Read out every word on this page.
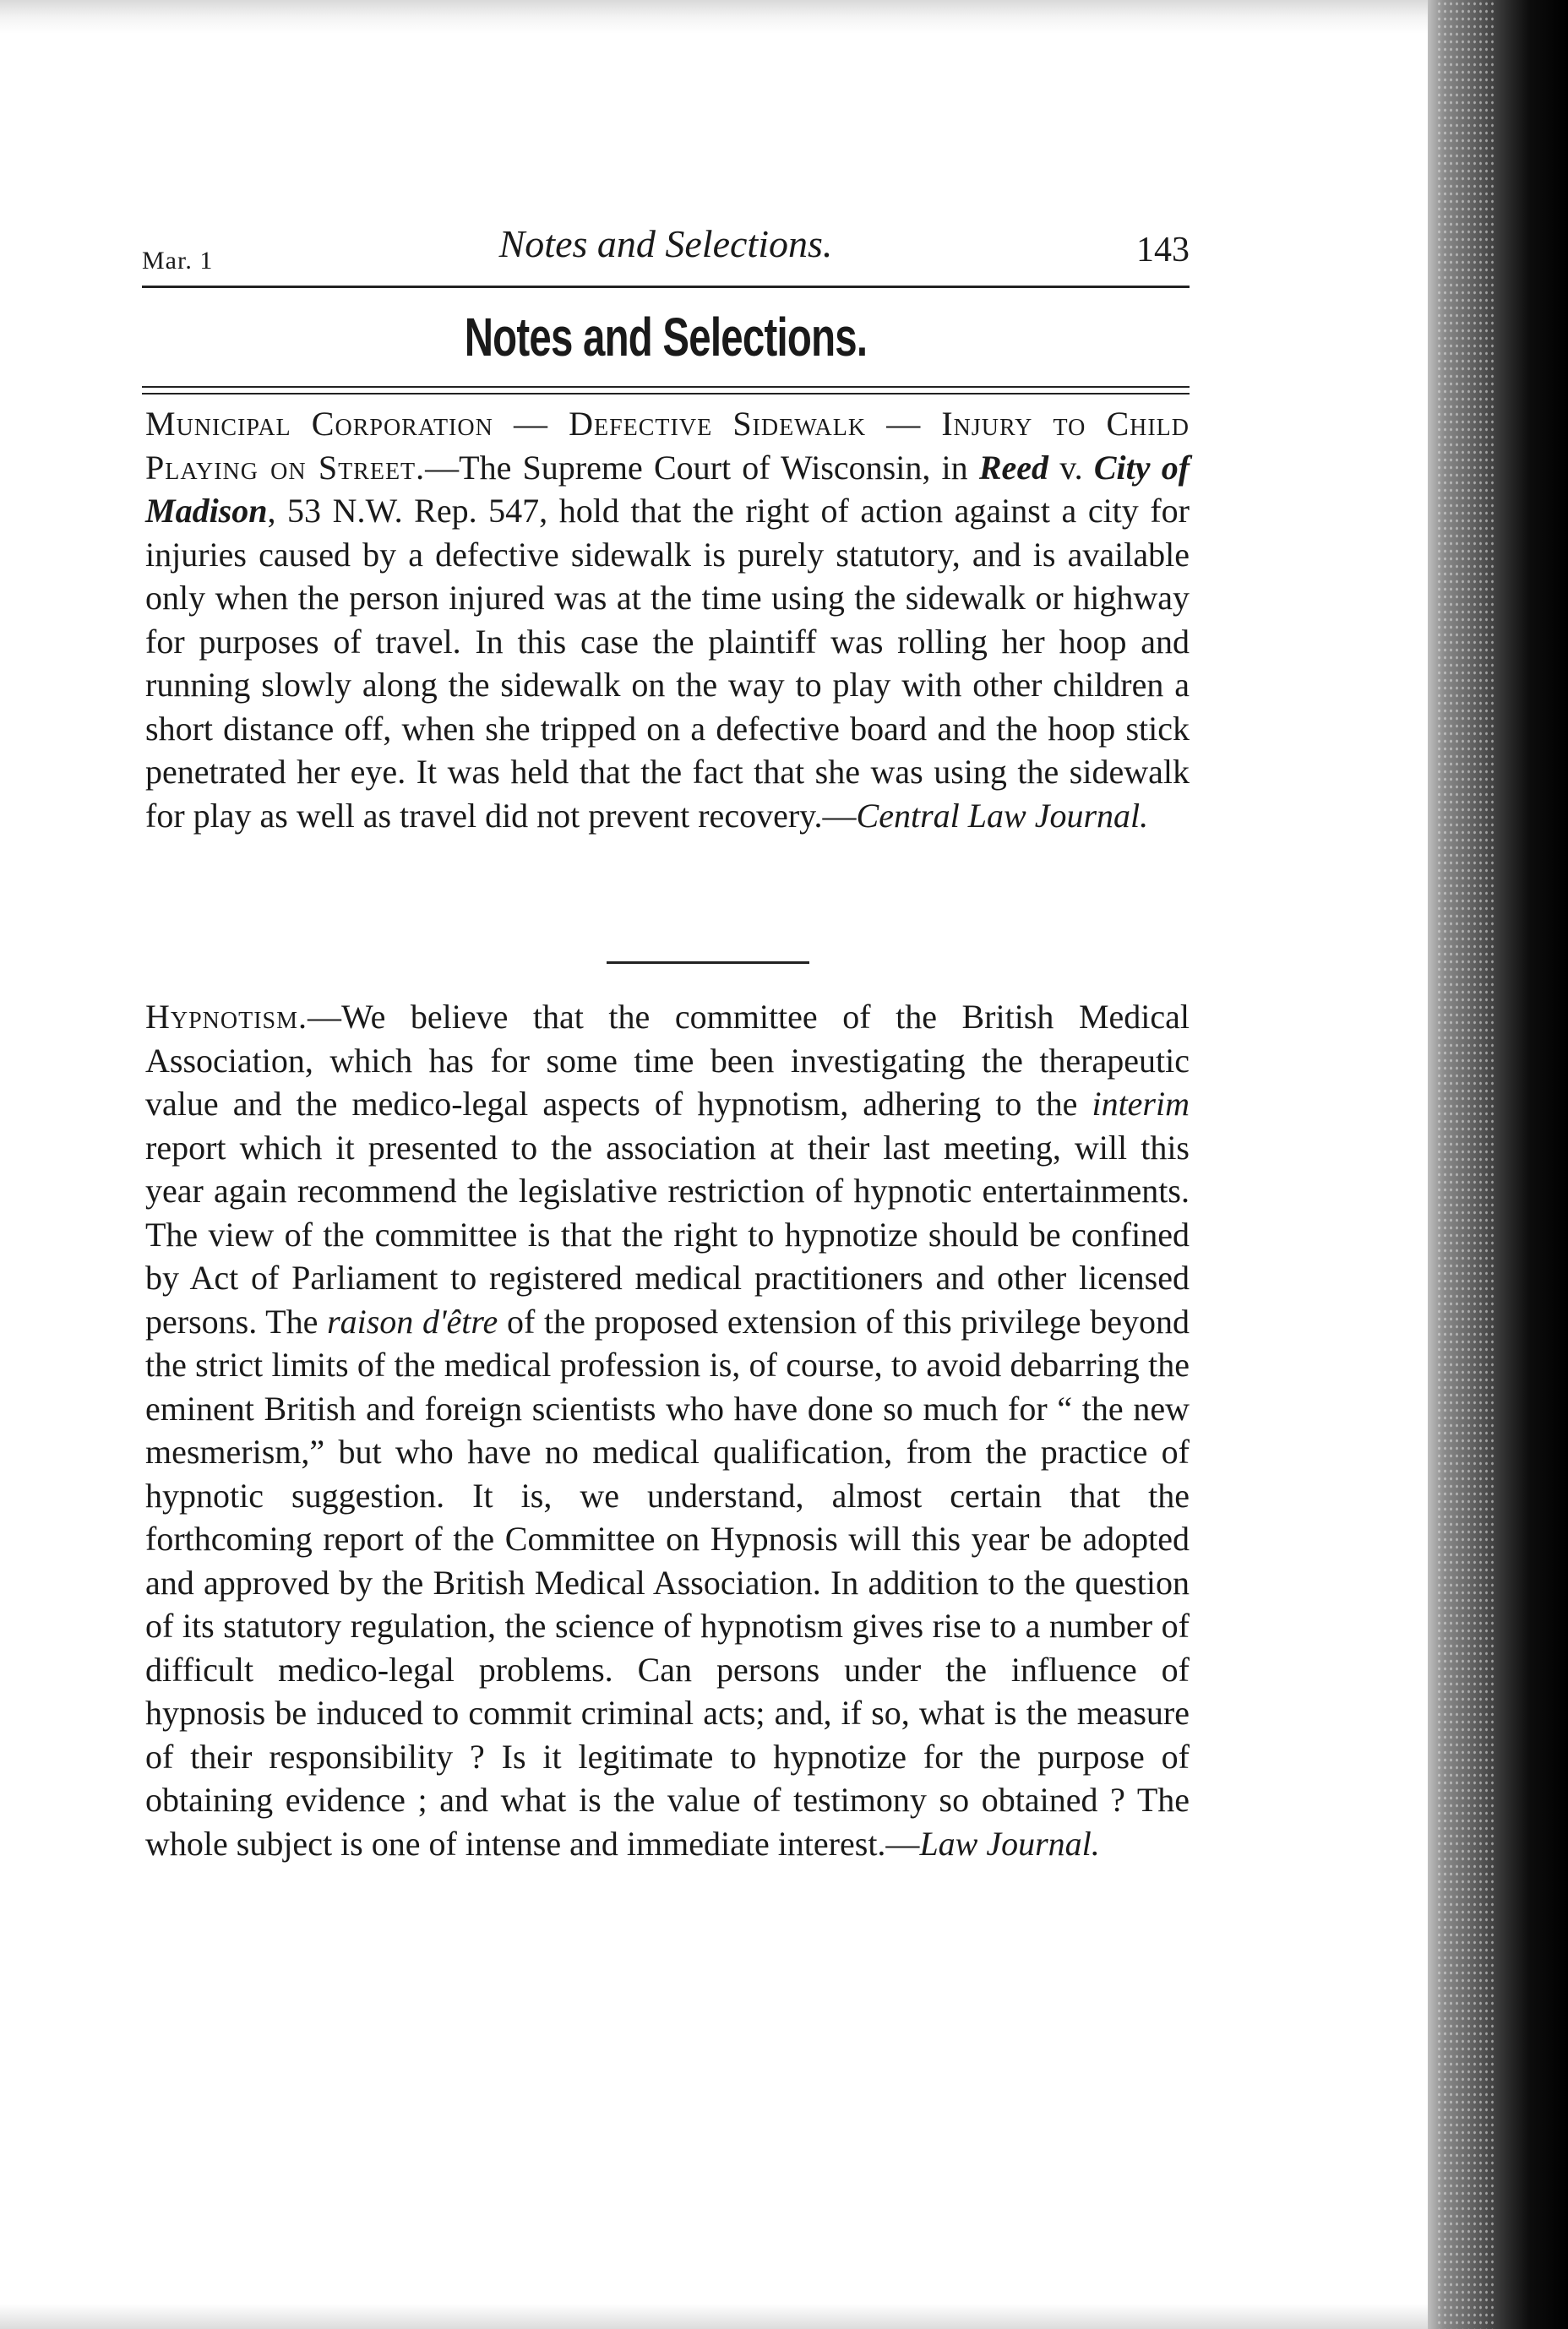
Mar. 1	Notes and Selections.	143
Notes and Selections.
Municipal Corporation — Defective Sidewalk — Injury to Child Playing on Street.—The Supreme Court of Wisconsin, in Reed v. City of Madison, 53 N.W. Rep. 547, hold that the right of action against a city for injuries caused by a defective sidewalk is purely statutory, and is available only when the person injured was at the time using the sidewalk or highway for purposes of travel. In this case the plaintiff was rolling her hoop and running slowly along the sidewalk on the way to play with other children a short distance off, when she tripped on a defective board and the hoop stick penetrated her eye. It was held that the fact that she was using the sidewalk for play as well as travel did not prevent recovery.—Central Law Journal.
Hypnotism.—We believe that the committee of the British Medical Association, which has for some time been investigating the therapeutic value and the medico-legal aspects of hypnotism, adhering to the interim report which it presented to the association at their last meeting, will this year again recommend the legislative restriction of hypnotic entertainments. The view of the committee is that the right to hypnotize should be confined by Act of Parliament to registered medical practitioners and other licensed persons. The raison d'être of the proposed extension of this privilege beyond the strict limits of the medical profession is, of course, to avoid debarring the eminent British and foreign scientists who have done so much for “ the new mesmerism,” but who have no medical qualification, from the practice of hypnotic suggestion. It is, we understand, almost certain that the forthcoming report of the Committee on Hypnosis will this year be adopted and approved by the British Medical Association. In addition to the question of its statutory regulation, the science of hypnotism gives rise to a number of difficult medico-legal problems. Can persons under the influence of hypnosis be induced to commit criminal acts; and, if so, what is the measure of their responsibility ? Is it legitimate to hypnotize for the purpose of obtaining evidence ; and what is the value of testimony so obtained ? The whole subject is one of intense and immediate interest.—Law Journal.
